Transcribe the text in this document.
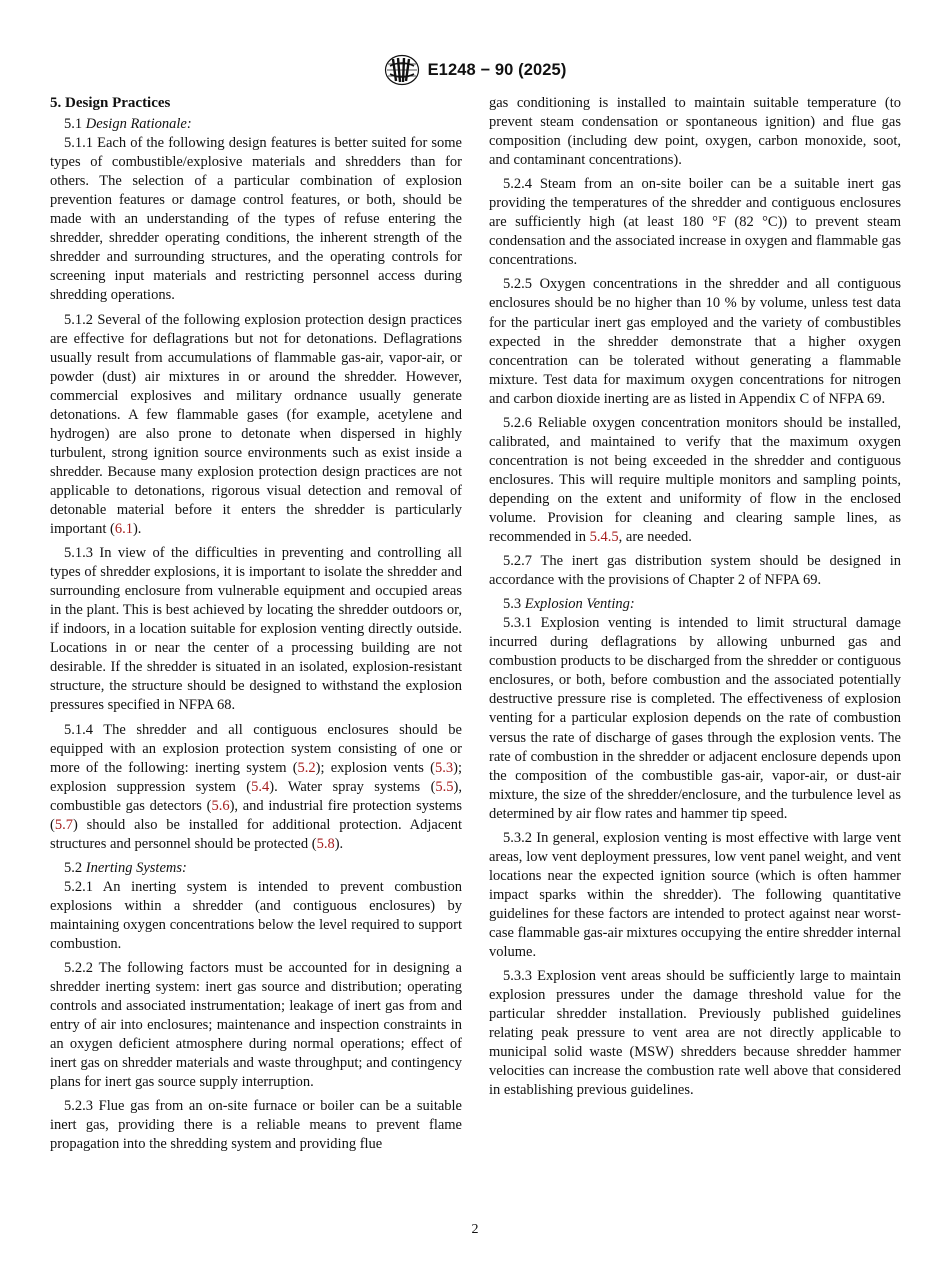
E1248 − 90 (2025)

5. Design Practices

5.1 Design Rationale:

5.1.1 Each of the following design features is better suited for some types of combustible/explosive materials and shredders than for others. The selection of a particular combination of explosion prevention features or damage control features, or both, should be made with an understanding of the types of refuse entering the shredder, shredder operating conditions, the inherent strength of the shredder and surrounding structures, and the operating controls for screening input materials and restricting personnel access during shredding operations.

5.1.2 Several of the following explosion protection design practices are effective for deflagrations but not for detonations. Deflagrations usually result from accumulations of flammable gas-air, vapor-air, or powder (dust) air mixtures in or around the shredder. However, commercial explosives and military ordnance usually generate detonations. A few flammable gases (for example, acetylene and hydrogen) are also prone to detonate when dispersed in highly turbulent, strong ignition source environments such as exist inside a shredder. Because many explosion protection design practices are not applicable to detonations, rigorous visual detection and removal of detonable material before it enters the shredder is particularly important (6.1).

5.1.3 In view of the difficulties in preventing and controlling all types of shredder explosions, it is important to isolate the shredder and surrounding enclosure from vulnerable equipment and occupied areas in the plant. This is best achieved by locating the shredder outdoors or, if indoors, in a location suitable for explosion venting directly outside. Locations in or near the center of a processing building are not desirable. If the shredder is situated in an isolated, explosion-resistant structure, the structure should be designed to withstand the explosion pressures specified in NFPA 68.

5.1.4 The shredder and all contiguous enclosures should be equipped with an explosion protection system consisting of one or more of the following: inerting system (5.2); explosion vents (5.3); explosion suppression system (5.4). Water spray systems (5.5), combustible gas detectors (5.6), and industrial fire protection systems (5.7) should also be installed for additional protection. Adjacent structures and personnel should be protected (5.8).

5.2 Inerting Systems:

5.2.1 An inerting system is intended to prevent combustion explosions within a shredder (and contiguous enclosures) by maintaining oxygen concentrations below the level required to support combustion.

5.2.2 The following factors must be accounted for in designing a shredder inerting system: inert gas source and distribution; operating controls and associated instrumentation; leakage of inert gas from and entry of air into enclosures; maintenance and inspection constraints in an oxygen deficient atmosphere during normal operations; effect of inert gas on shredder materials and waste throughput; and contingency plans for inert gas source supply interruption.

5.2.3 Flue gas from an on-site furnace or boiler can be a suitable inert gas, providing there is a reliable means to prevent flame propagation into the shredding system and providing flue

gas conditioning is installed to maintain suitable temperature (to prevent steam condensation or spontaneous ignition) and flue gas composition (including dew point, oxygen, carbon monoxide, soot, and contaminant concentrations).

5.2.4 Steam from an on-site boiler can be a suitable inert gas providing the temperatures of the shredder and contiguous enclosures are sufficiently high (at least 180 °F (82 °C)) to prevent steam condensation and the associated increase in oxygen and flammable gas concentrations.

5.2.5 Oxygen concentrations in the shredder and all contiguous enclosures should be no higher than 10 % by volume, unless test data for the particular inert gas employed and the variety of combustibles expected in the shredder demonstrate that a higher oxygen concentration can be tolerated without generating a flammable mixture. Test data for maximum oxygen concentrations for nitrogen and carbon dioxide inerting are as listed in Appendix C of NFPA 69.

5.2.6 Reliable oxygen concentration monitors should be installed, calibrated, and maintained to verify that the maximum oxygen concentration is not being exceeded in the shredder and contiguous enclosures. This will require multiple monitors and sampling points, depending on the extent and uniformity of flow in the enclosed volume. Provision for cleaning and clearing sample lines, as recommended in 5.4.5, are needed.

5.2.7 The inert gas distribution system should be designed in accordance with the provisions of Chapter 2 of NFPA 69.

5.3 Explosion Venting:

5.3.1 Explosion venting is intended to limit structural damage incurred during deflagrations by allowing unburned gas and combustion products to be discharged from the shredder or contiguous enclosures, or both, before combustion and the associated potentially destructive pressure rise is completed. The effectiveness of explosion venting for a particular explosion depends on the rate of combustion versus the rate of discharge of gases through the explosion vents. The rate of combustion in the shredder or adjacent enclosure depends upon the composition of the combustible gas-air, vapor-air, or dust-air mixture, the size of the shredder/enclosure, and the turbulence level as determined by air flow rates and hammer tip speed.

5.3.2 In general, explosion venting is most effective with large vent areas, low vent deployment pressures, low vent panel weight, and vent locations near the expected ignition source (which is often hammer impact sparks within the shredder). The following quantitative guidelines for these factors are intended to protect against near worst-case flammable gas-air mixtures occupying the entire shredder internal volume.

5.3.3 Explosion vent areas should be sufficiently large to maintain explosion pressures under the damage threshold value for the particular shredder installation. Previously published guidelines relating peak pressure to vent area are not directly applicable to municipal solid waste (MSW) shredders because shredder hammer velocities can increase the combustion rate well above that considered in establishing previous guidelines.

2
